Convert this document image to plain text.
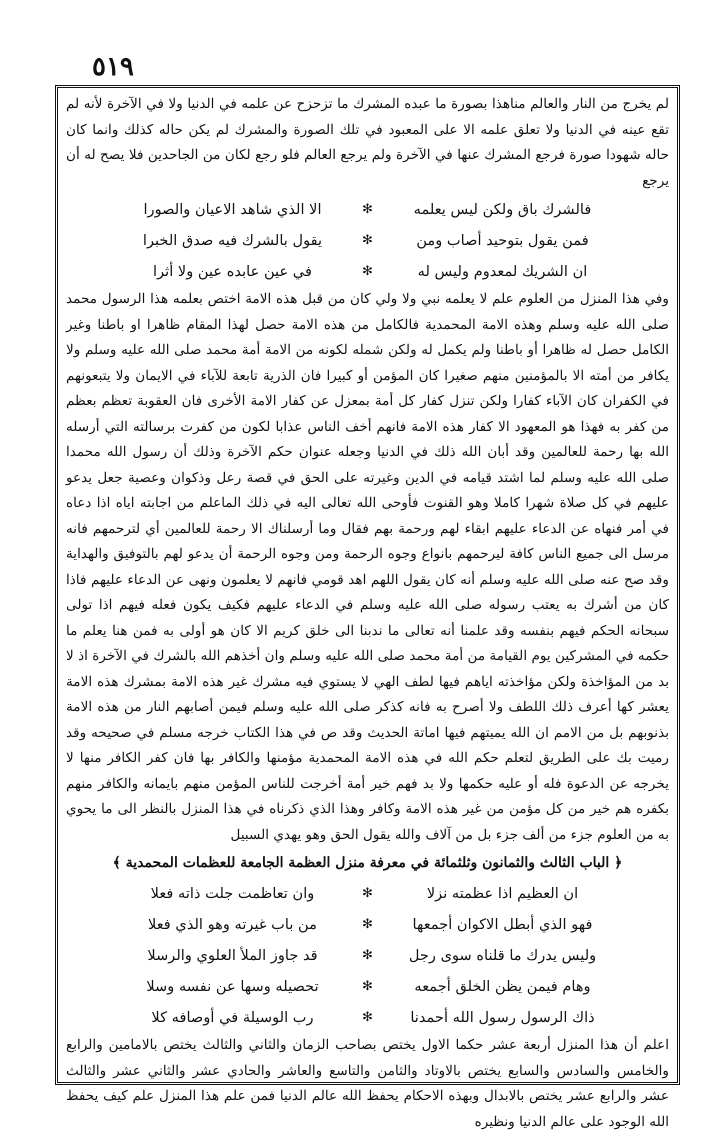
٥١٩

لم يخرج من النار والعالم مناهذا بصورة ما عبده المشرك ما تزحزح عن علمه في الدنيا ولا في الآخرة لأنه لم تقع عينه في الدنيا ولا تعلق علمه الا على المعبود في تلك الصورة والمشرك لم يكن حاله كذلك وانما كان حاله شهودا صورة فرجع المشرك عنها في الآخرة ولم يرجع العالم فلو رجع لكان من الجاحدين فلا يصح له أن يرجع

فالشرك باق ولكن ليس يعلمه
✻
الا الذي شاهد الاعيان والصورا
فمن يقول بتوحيد أصاب ومن
✻
يقول بالشرك فيه صدق الخبرا
ان الشريك لمعدوم وليس له
✻
في عين عابده عين ولا أثرا

وفي هذا المنزل من العلوم علم لا يعلمه نبي ولا ولي كان من قبل هذه الامة اختص بعلمه هذا الرسول محمد صلى الله عليه وسلم وهذه الامة المحمدية فالكامل من هذه الامة حصل لهذا المقام ظاهرا او باطنا وغير الكامل حصل له ظاهرا أو باطنا ولم يكمل له ولكن شمله لكونه من الامة أمة محمد صلى الله عليه وسلم ولا يكافر من أمته الا بالمؤمنين منهم صغيرا كان المؤمن أو كبيرا فان الذرية تابعة للآباء في الايمان ولا يتبعونهم في الكفران كان الآباء كفارا ولكن تنزل كفار كل أمة بمعزل عن كفار الامة الأخرى فان العقوبة تعظم بعظم من كفر به فهذا هو المعهود الا كفار هذه الامة فانهم أخف الناس عذابا لكون من كفرت برسالته التي أرسله الله بها رحمة للعالمين وقد أبان الله ذلك في الدنيا وجعله عنوان حكم الآخرة وذلك أن رسول الله محمدا صلى الله عليه وسلم لما اشتد قيامه في الدين وغيرته على الحق في قصة رعل وذكوان وعصية جعل يدعو عليهم في كل صلاة شهرا كاملا وهو القنوت فأوحى الله تعالى اليه في ذلك الماعلم من اجابته اياه اذا دعاه في أمر فنهاه عن الدعاء عليهم ابقاء لهم ورحمة بهم فقال وما أرسلناك الا رحمة للعالمين أي لترحمهم فانه مرسل الى جميع الناس كافة ليرحمهم بانواع وجوه الرحمة ومن وجوه الرحمة أن يدعو لهم بالتوفيق والهداية وقد صح عنه صلى الله عليه وسلم أنه كان يقول اللهم اهد قومي فانهم لا يعلمون ونهى عن الدعاء عليهم فاذا كان من أشرك به يعتب رسوله صلى الله عليه وسلم في الدعاء عليهم فكيف يكون فعله فيهم اذا تولى سبحانه الحكم فيهم بنفسه وقد علمنا أنه تعالى ما ندبنا الى خلق كريم الا كان هو أولى به فمن هنا يعلم ما حكمه في المشركين يوم القيامة من أمة محمد صلى الله عليه وسلم وان أخذهم الله بالشرك في الآخرة اذ لا بد من المؤاخذة ولكن مؤاخذته اياهم فيها لطف الهي لا يستوي فيه مشرك غير هذه الامة بمشرك هذه الامة يعشر كها أعرف ذلك اللطف ولا أصرح به فانه كذكر صلى الله عليه وسلم فيمن أصابهم النار من هذه الامة بذنوبهم بل من الامم ان الله يميتهم فيها اماتة الحديث وقد ص في هذا الكتاب خرجه مسلم في صحيحه وقد رميت بك على الطريق لتعلم حكم الله في هذه الامة المحمدية مؤمنها والكافر بها فان كفر الكافر منها لا يخرجه عن الدعوة فله أو عليه حكمها ولا بد فهم خير أمة أخرجت للناس المؤمن منهم بايمانه والكافر منهم بكفره هم خير من كل مؤمن من غير هذه الامة وكافر وهذا الذي ذكرناه في هذا المنزل بالنظر الى ما يحوي به من العلوم جزء من ألف جزء بل من آلاف والله يقول الحق وهو يهدي السبيل

﴿ الباب الثالث والثمانون وثلثمائة في معرفة منزل العظمة الجامعة للعظمات المحمدية ﴾

ان العظيم اذا عظمته نزلا
✻
وان تعاظمت جلت ذاته فعلا
فهو الذي أبطل الاكوان أجمعها
✻
من باب غيرته وهو الذي فعلا
وليس يدرك ما قلناه سوى رجل
✻
قد جاوز الملأ العلوي والرسلا
وهام فيمن يظن الخلق أجمعه
✻
تحصيله وسها عن نفسه وسلا
ذاك الرسول رسول الله أحمدنا
✻
رب الوسيلة في أوصافه كلا

اعلم أن هذا المنزل أربعة عشر حكما الاول يختص بصاحب الزمان والثاني والثالث يختص بالامامين والرابع والخامس والسادس والسابع يختص بالاوتاد والثامن والتاسع والعاشر والحادي عشر والثاني عشر والثالث عشر والرابع عشر يختص بالابدال وبهذه الاحكام يحفظ الله عالم الدنيا فمن علم هذا المنزل علم كيف يحفظ الله الوجود على عالم الدنيا ونظيره
